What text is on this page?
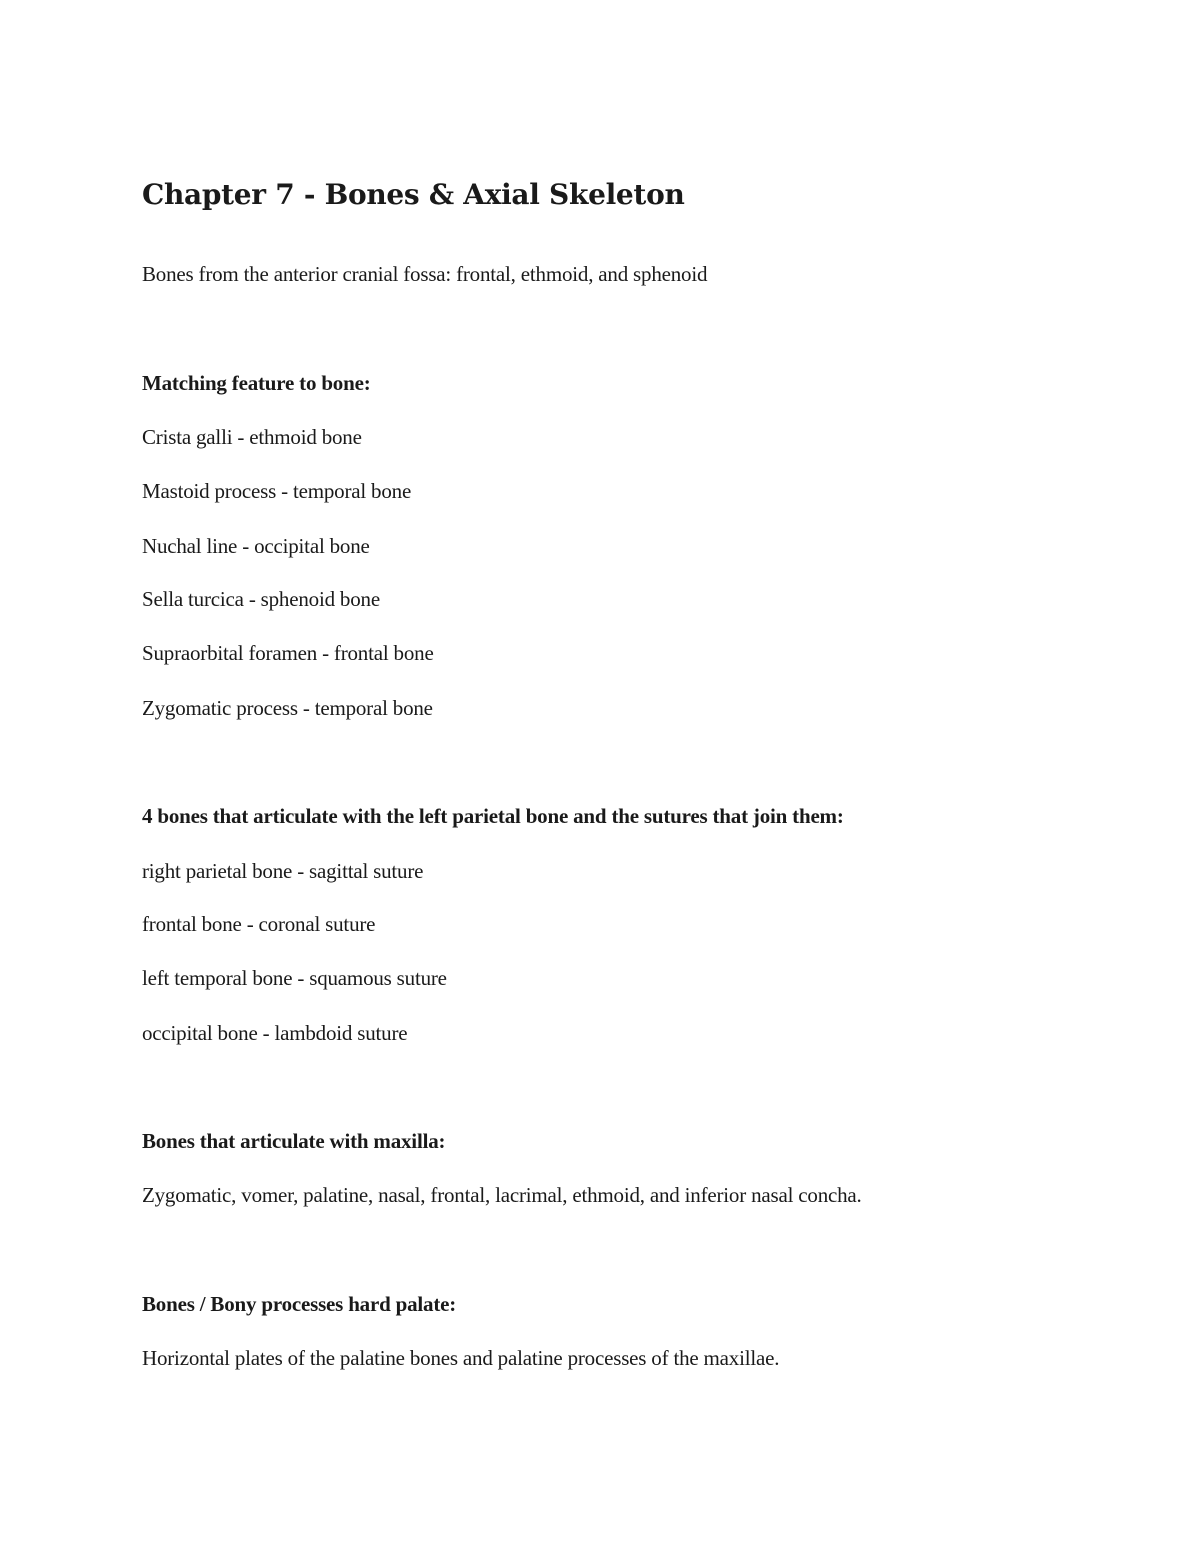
Chapter 7 - Bones & Axial Skeleton

Bones from the anterior cranial fossa: frontal, ethmoid, and sphenoid

Matching feature to bone:

Crista galli - ethmoid bone

Mastoid process - temporal bone

Nuchal line - occipital bone

Sella turcica - sphenoid bone

Supraorbital foramen - frontal bone

Zygomatic process - temporal bone

4 bones that articulate with the left parietal bone and the sutures that join them:

right parietal bone - sagittal suture

frontal bone - coronal suture

left temporal bone - squamous suture

occipital bone - lambdoid suture

Bones that articulate with maxilla:

Zygomatic, vomer, palatine, nasal, frontal, lacrimal, ethmoid, and inferior nasal concha.

Bones / Bony processes hard palate:

Horizontal plates of the palatine bones and palatine processes of the maxillae.
